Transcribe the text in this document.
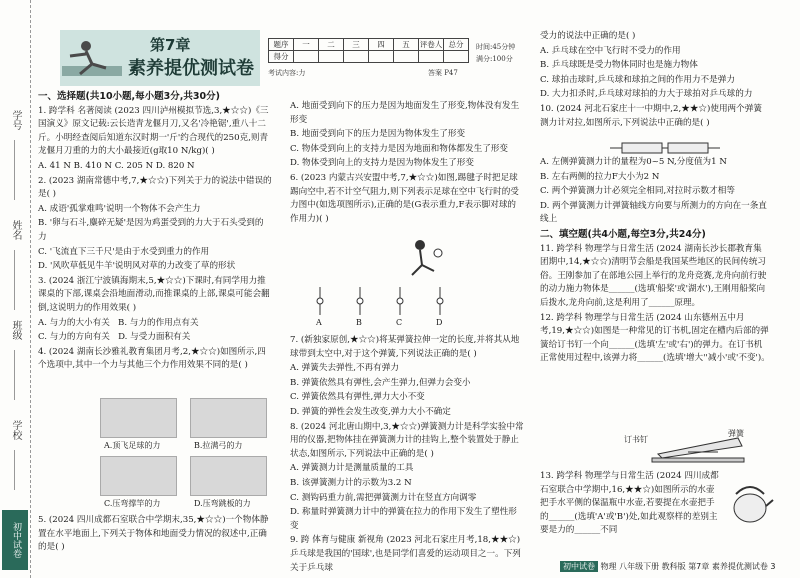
学号
姓名
班级
学校
初中试卷
第7章
素养提优测试卷
题序	一	二	三	四	五	评卷人	总分
得分							
时间:45分钟
满分:100分
考试内容:力	答案 P47

一、选择题(共10小题,每小题3分,共30分)

1. 跨学科 名著阅读 (2023 四川泸州模拟节选,3,★☆☆)《三国演义》原文记载:云长造青龙偃月刀,又名'冷艳锯',重八十二斤。小明经查阅后知道东汉时期一'斤'约合现代的250克,则青龙偃月刀重的力的大小最接近(g取10 N/kg)( )

A. 41 N B. 410 N C. 205 N D. 820 N

2. (2023 湖南常德中考,7,★☆☆)下列关于力的说法中错误的是( )

A. 成语'孤掌难鸣'说明一个物体不会产生力

B. '卵与石斗,麋碎无疑'是因为鸡蛋受到的力大于石头受到的力

C. '飞流直下三千尺'是由于水受到重力的作用

D. '风吹草低见牛羊'说明风对草的力改变了草的形状

3. (2024 浙江宁波镇海期末,5,★☆☆)下课时,有同学用力推课桌的下部,课桌会沿地面滑动,而推课桌的上部,课桌可能会翻倒,这说明力的作用效果( )

A. 与力的大小有关 B. 与力的作用点有关

C. 与力的方向有关 D. 与受力面积有关

4. (2024 湖南长沙雅礼教育集团月考,2,★☆☆)如图所示,四个选项中,其中一个力与其他三个力作用效果不同的是( )

A.顶飞足球的力	B.拉满弓的力
C.压弯撑竿的力	D.压弯跳板的力

5. (2024 四川成都石室联合中学期末,35,★☆☆)一个物体静置在水平地面上,下列关于物体和地面受力情况的叙述中,正确的是( )

A. 地面受到向下的压力是因为地面发生了形变,物体没有发生形变

B. 地面受到向下的压力是因为物体发生了形变

C. 物体受到向上的支持力是因为地面和物体都发生了形变

D. 物体受到向上的支持力是因为物体发生了形变

6. (2023 内蒙古兴安盟中考,7,★☆☆)如图,踢毽子时把足球踢向空中,若不计空气阻力,则下列表示足球在空中飞行时的受力图中(如选项图所示),正确的是(G表示重力,F表示脚对球的作用力)( )

A	B	C	D

7. (新独家原创,★☆☆)将某弹簧拉伸一定的长度,并将其从地球带到太空中,对于这个弹簧,下列说法正确的是( )

A. 弹簧失去弹性,不再有弹力

B. 弹簧依然具有弹性,会产生弹力,但弹力会变小

C. 弹簧依然具有弹性,弹力大小不变

D. 弹簧的弹性会发生改变,弹力大小不确定

8. (2024 河北唐山期中,3,★☆☆)弹簧测力计是科学实验中常用的仪器,把物体挂在弹簧测力计的挂钩上,整个装置处于静止状态,如图所示,下列说法中正确的是( )

A. 弹簧测力计是测量质量的工具

B. 该弹簧测力计的示数为3.2 N

C. 测钩码重力前,需把弹簧测力计在竖直方向调零

D. 称量时弹簧测力计中的弹簧在拉力的作用下发生了塑性形变

9. 跨 体育与健康 新视角 (2023 河北石家庄月考,18,★★☆)乒乓球是我国的'国球',也是同学们喜爱的运动项目之一。下列关于乒乓球

受力的说法中正确的是( )

A. 乒乓球在空中飞行时不受力的作用

B. 乒乓球既是受力物体同时也是施力物体

C. 球拍击球时,乒乓球和球拍之间的作用力不是弹力

D. 大力扣杀时,乒乓球对球拍的力大于球拍对乒乓球的力

10. (2024 河北石家庄十一中期中,2,★★☆)使用两个弹簧测力计对拉,如图所示,下列说法中正确的是( )

A. 左侧弹簧测力计的量程为0~5 N,分度值为1 N

B. 左右两侧的拉力F大小为2 N

C. 两个弹簧测力计必须完全相同,对拉时示数才相等

D. 两个弹簧测力计弹簧轴线方向要与所测力的方向在一条直线上

二、填空题(共4小题,每空3分,共24分)

11. 跨学科 物理学与日常生活 (2024 湖南长沙长郡教育集团期中,14,★☆☆)清明节会船是我国某些地区的民间传统习俗。王刚参加了在部地公园上举行的龙舟竞赛,龙舟向前行驶的动力施力物体是______(选填'船桨'或'湖水'),王刚用船桨向后拨水,龙舟向前,这是利用了______原理。

12. 跨学科 物理学与日常生活 (2024 山东德州五中月考,19,★☆☆)如图是一种常见的订书机,固定在槽内后部的弹簧给订书钉一个向______(选填'左'或'右')的弹力。在订书机正常使用过程中,该弹力将______(选填'增大''减小'或'不变')。

订书钉
弹簧

13. 跨学科 物理学与日常生活 (2024 四川成都石室联合中学期中,16,★★☆)如图所示的水壶把手水平侧的保温瓶中水壶,若要提在水壶把手的______(选填'A'或'B')处,如此观察样的差别主要是力的______不同

初中试卷 物理 八年级下册 教科版 第7章 素养提优测试卷 3
